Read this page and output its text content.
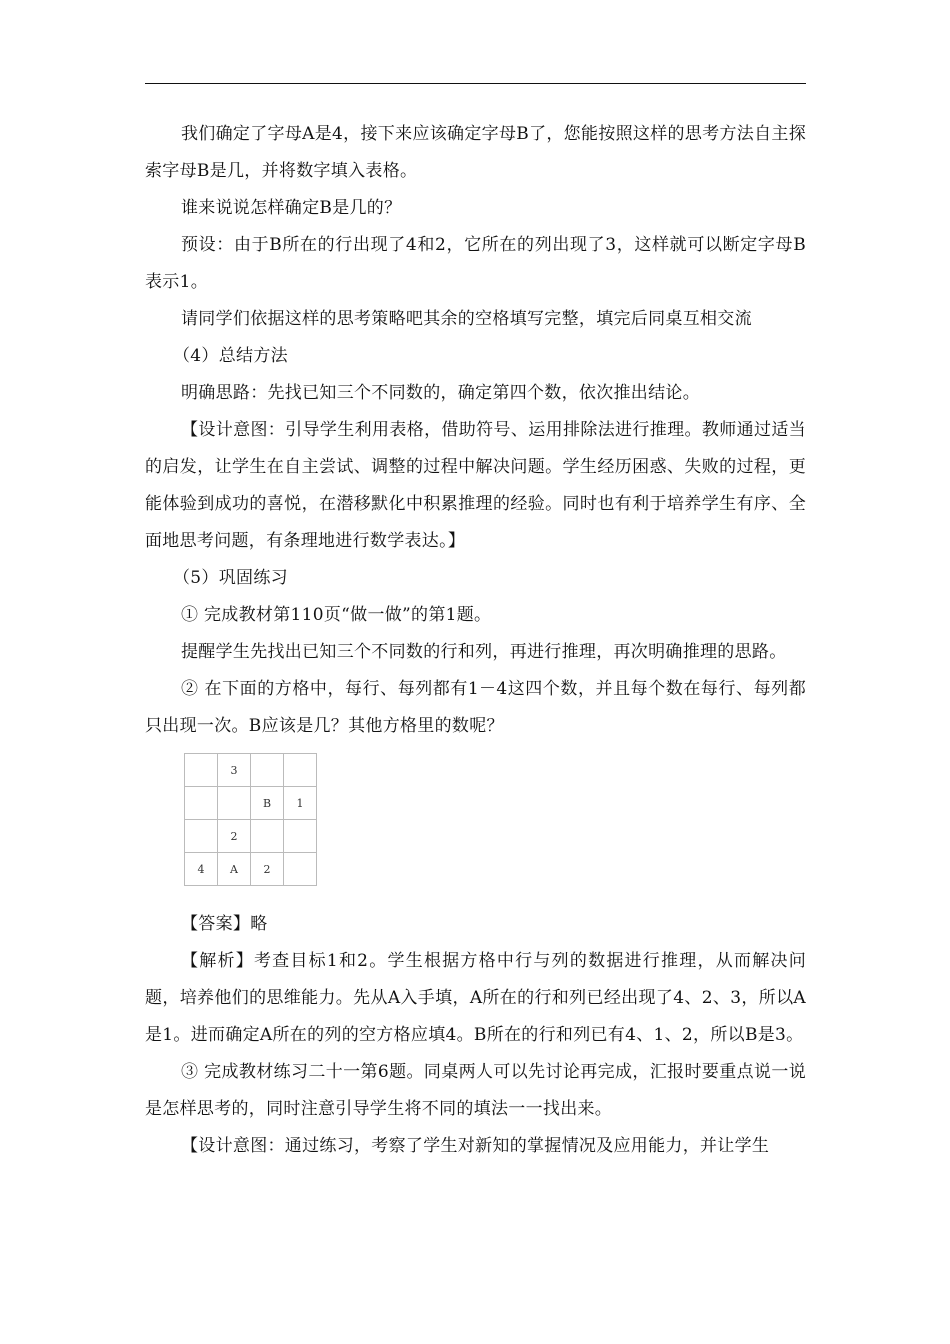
我们确定了字母A是4，接下来应该确定字母B了，您能按照这样的思考方法自主探索字母B是几，并将数字填入表格。

谁来说说怎样确定B是几的？

预设：由于B所在的行出现了4和2，它所在的列出现了3，这样就可以断定字母B表示1。

请同学们依据这样的思考策略吧其余的空格填写完整，填完后同桌互相交流

（4）总结方法

明确思路：先找已知三个不同数的，确定第四个数，依次推出结论。

【设计意图：引导学生利用表格，借助符号、运用排除法进行推理。教师通过适当的启发，让学生在自主尝试、调整的过程中解决问题。学生经历困惑、失败的过程，更能体验到成功的喜悦，在潜移默化中积累推理的经验。同时也有利于培养学生有序、全面地思考问题，有条理地进行数学表达。】

（5）巩固练习

① 完成教材第110页“做一做”的第1题。

提醒学生先找出已知三个不同数的行和列，再进行推理，再次明确推理的思路。

② 在下面的方格中，每行、每列都有1－4这四个数，并且每个数在每行、每列都只出现一次。B应该是几？其他方格里的数呢？

	3		
		B	1
	2		
4	A	2	

【答案】略

【解析】考查目标1和2。学生根据方格中行与列的数据进行推理，从而解决问题，培养他们的思维能力。先从A入手填，A所在的行和列已经出现了4、2、3，所以A是1。进而确定A所在的列的空方格应填4。B所在的行和列已有4、1、2，所以B是3。

③ 完成教材练习二十一第6题。同桌两人可以先讨论再完成，汇报时要重点说一说是怎样思考的，同时注意引导学生将不同的填法一一找出来。

【设计意图：通过练习，考察了学生对新知的掌握情况及应用能力，并让学生
